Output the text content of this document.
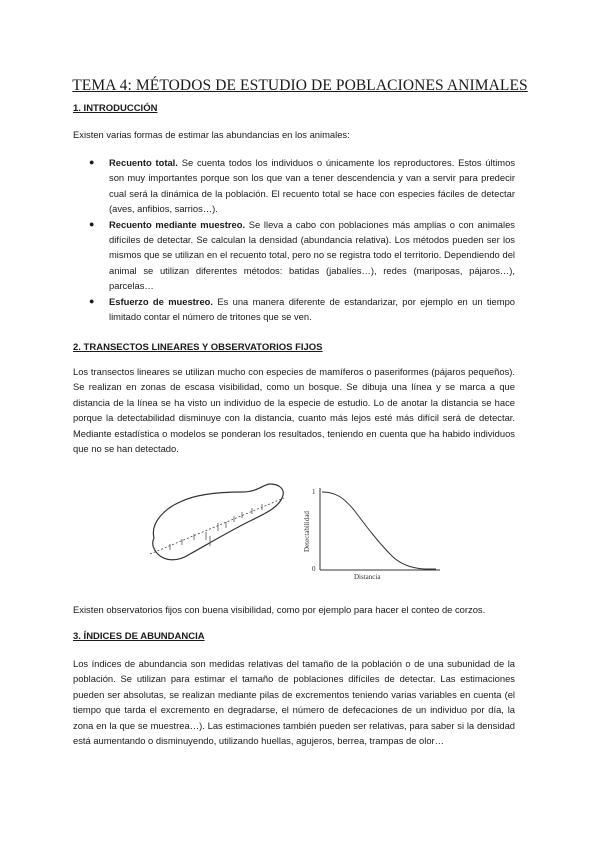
TEMA 4: MÉTODOS DE ESTUDIO DE POBLACIONES ANIMALES
1. INTRODUCCIÓN

Existen varias formas de estimar las abundancias en los animales:

● Recuento total. Se cuenta todos los individuos o únicamente los reproductores. Estos últimos son muy importantes porque son los que van a tener descendencia y van a servir para predecir cual será la dinámica de la población. El recuento total se hace con especies fáciles de detectar (aves, anfibios, sarrios…).
● Recuento mediante muestreo. Se lleva a cabo con poblaciones más amplias o con animales difíciles de detectar. Se calculan la densidad (abundancia relativa). Los métodos pueden ser los mismos que se utilizan en el recuento total, pero no se registra todo el territorio. Dependiendo del animal se utilizan diferentes métodos: batidas (jabalíes…), redes (mariposas, pájaros…), parcelas…
● Esfuerzo de muestreo. Es una manera diferente de estandarizar, por ejemplo en un tiempo limitado contar el número de tritones que se ven.
2. TRANSECTOS LINEARES Y OBSERVATORIOS FIJOS

Los transectos lineares se utilizan mucho con especies de mamíferos o paseriformes (pájaros pequeños). Se realizan en zonas de escasa visibilidad, como un bosque. Se dibuja una línea y se marca a que distancia de la línea se ha visto un individuo de la especie de estudio. Lo de anotar la distancia se hace porque la detectabilidad disminuye con la distancia, cuanto más lejos esté más difícil será de detectar. Mediante estadística o modelos se ponderan los resultados, teniendo en cuenta que ha habido individuos que no se han detectado.

1
0
Detectabilidad
Distancia

Existen observatorios fijos con buena visibilidad, como por ejemplo para hacer el conteo de corzos.

3. ÍNDICES DE ABUNDANCIA

Los índices de abundancia son medidas relativas del tamaño de la población o de una subunidad de la población. Se utilizan para estimar el tamaño de poblaciones difíciles de detectar. Las estimaciones pueden ser absolutas, se realizan mediante pilas de excrementos teniendo varias variables en cuenta (el tiempo que tarda el excremento en degradarse, el número de defecaciones de un individuo por día, la zona en la que se muestrea…). Las estimaciones también pueden ser relativas, para saber si la densidad está aumentando o disminuyendo, utilizando huellas, agujeros, berrea, trampas de olor…
